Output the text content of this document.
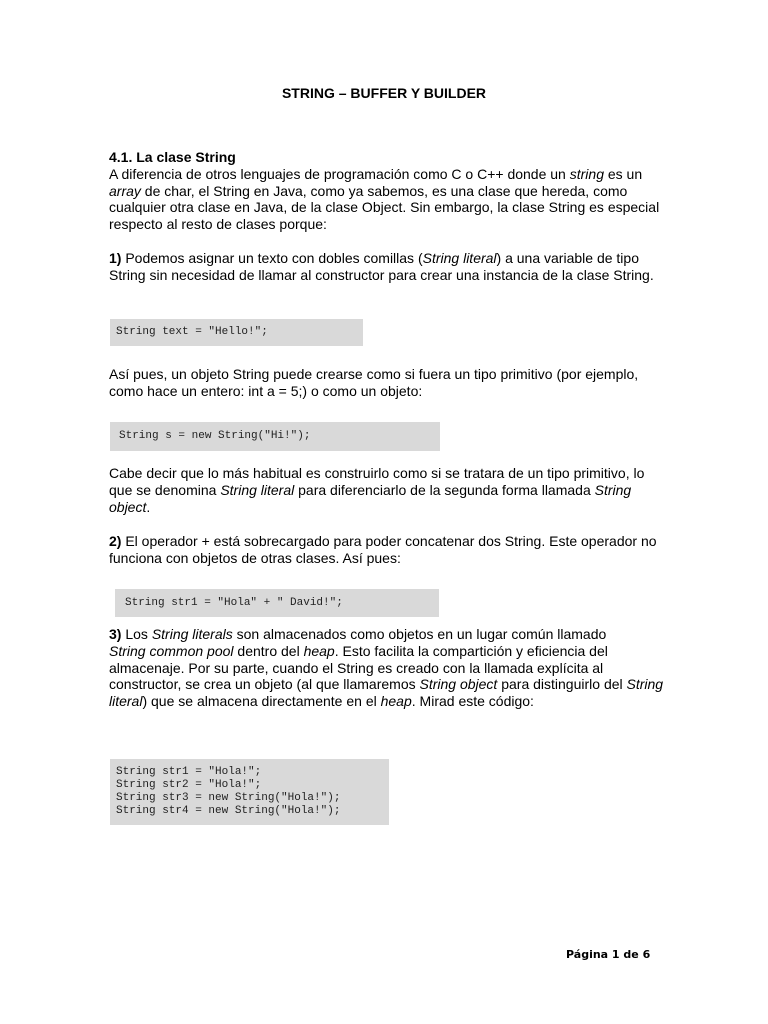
STRING – BUFFER Y BUILDER

4.1. La clase String

A diferencia de otros lenguajes de programación como C o C++ donde un string es un array de char, el String en Java, como ya sabemos, es una clase que hereda, como cualquier otra clase en Java, de la clase Object. Sin embargo, la clase String es especial respecto al resto de clases porque:

1) Podemos asignar un texto con dobles comillas (String literal) a una variable de tipo String sin necesidad de llamar al constructor para crear una instancia de la clase String.

String text = "Hello!";

Así pues, un objeto String puede crearse como si fuera un tipo primitivo (por ejemplo, como hace un entero: int a = 5;) o como un objeto:

String s = new String("Hi!");

Cabe decir que lo más habitual es construirlo como si se tratara de un tipo primitivo, lo que se denomina String literal para diferenciarlo de la segunda forma llamada String object.

2) El operador + está sobrecargado para poder concatenar dos String. Este operador no funciona con objetos de otras clases. Así pues:

String str1 = "Hola" + " David!";

3) Los String literals son almacenados como objetos en un lugar común llamado

String common pool dentro del heap. Esto facilita la compartición y eficiencia del almacenaje. Por su parte, cuando el String es creado con la llamada explícita al constructor, se crea un objeto (al que llamaremos String object para distinguirlo del String literal) que se almacena directamente en el heap. Mirad este código:

String str1 = "Hola!";
String str2 = "Hola!";
String str3 = new String("Hola!");
String str4 = new String("Hola!");
Página 1 de 6
